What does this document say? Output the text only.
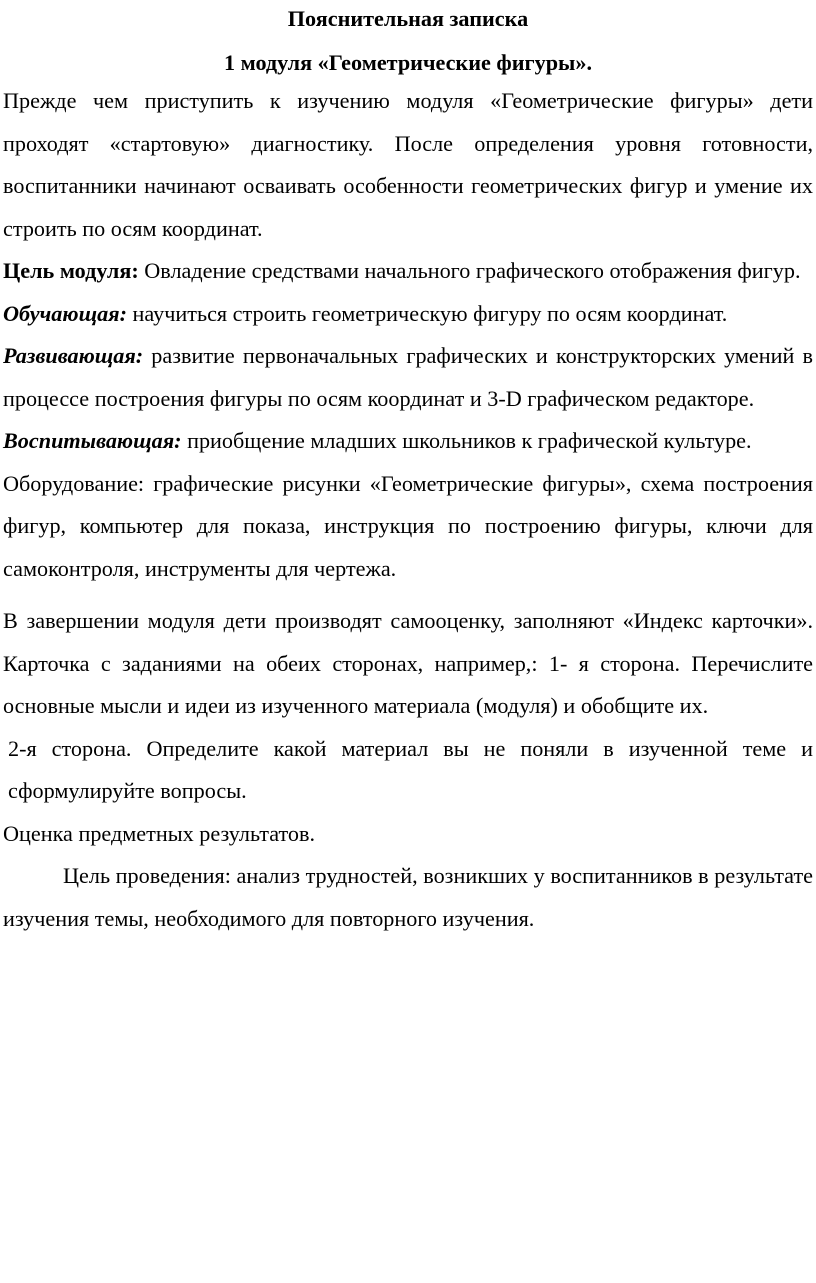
Пояснительная записка
1 модуля «Геометрические фигуры».

Прежде чем приступить к изучению модуля «Геометрические фигуры» дети проходят «стартовую» диагностику. После определения уровня готовности, воспитанники начинают осваивать особенности геометрических фигур и умение их строить по осям координат.

Цель модуля: Овладение средствами начального графического отображения фигур.

Обучающая: научиться строить геометрическую фигуру по осям координат.

Развивающая: развитие первоначальных графических и конструкторских умений в процессе построения фигуры по осям координат и 3-D графическом редакторе.

Воспитывающая: приобщение младших школьников к графической культуре.

Оборудование: графические рисунки «Геометрические фигуры», схема построения фигур, компьютер для показа, инструкция по построению фигуры, ключи для самоконтроля, инструменты для чертежа.

В завершении модуля дети производят самооценку, заполняют «Индекс карточки». Карточка с заданиями на обеих сторонах, например,: 1- я сторона. Перечислите основные мысли и идеи из изученного материала (модуля) и обобщите их.

2-я сторона. Определите какой материал вы не поняли в изученной теме и сформулируйте вопросы.

Оценка предметных результатов.

Цель проведения: анализ трудностей, возникших у воспитанников в результате изучения темы, необходимого для повторного изучения.
